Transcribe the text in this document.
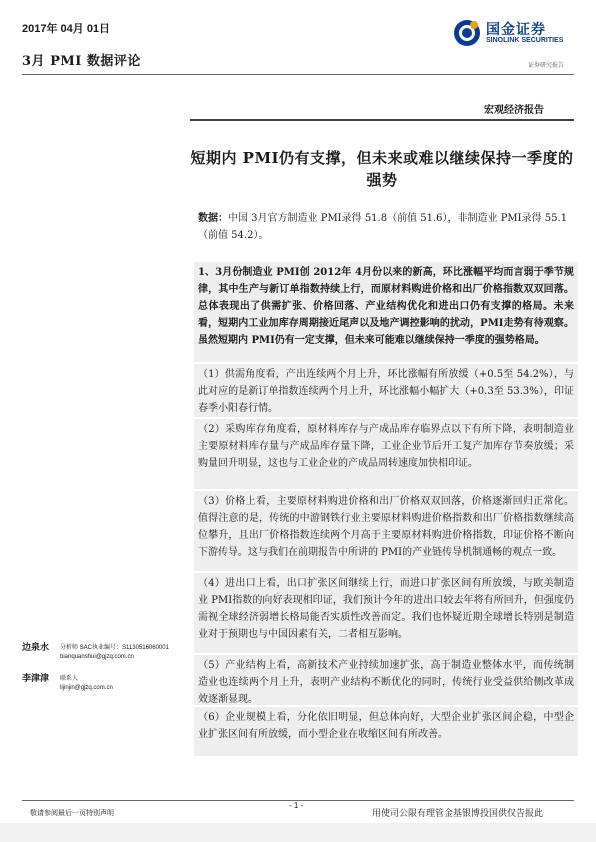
2017年 04月 01日
3月 PMI 数据评论
国金证券
SINOLINK SECURITIES
证券研究报告
宏观经济报告
短期内 PMI仍有支撑，但未来或难以继续保持一季度的强势
数据：中国 3月官方制造业 PMI录得 51.8（前值 51.6），非制造业 PMI录得 55.1（前值 54.2）。

1、3月份制造业 PMI创 2012年 4月份以来的新高，环比涨幅平均而言弱于季节规律，其中生产与新订单指数持续上行，而原材料购进价格和出厂价格指数双双回落。总体表现出了供需扩张、价格回落、产业结构优化和进出口仍有支撑的格局。未来看，短期内工业加库存周期接近尾声以及地产调控影响的扰动，PMI走势有待观察。虽然短期内 PMI仍有一定支撑，但未来可能难以继续保持一季度的强势格局。

（1）供需角度看，产出连续两个月上升，环比涨幅有所放缓（+0.5至 54.2%），与此对应的是新订单指数连续两个月上升，环比涨幅小幅扩大（+0.3至 53.3%），印证春季小阳春行情。

（2）采购库存角度看，原材料库存与产成品库存临界点以下有所下降，表明制造业主要原材料库存量与产成品库存量下降，工业企业节后开工复产加库存节奏放缓；采购量回升明显，这也与工业企业的产成品周转速度加快相印证。

（3）价格上看，主要原材料购进价格和出厂价格双双回落，价格逐渐回归正常化。值得注意的是，传统的中游钢铁行业主要原材料购进价格指数和出厂价格指数继续高位攀升，且出厂价格指数连续两个月高于主要原材料购进价格指数，印证价格不断向下游传导。这与我们在前期报告中所讲的 PMI的产业链传导机制通畅的观点一致。

（4）进出口上看，出口扩张区间继续上行，而进口扩张区间有所放缓，与欧美制造业 PMI指数的向好表现相印证，我们预计今年的进出口较去年将有所回升，但强度仍需视全球经济弱增长格局能否实质性改善而定。我们也怀疑近期全球增长特别是制造业对于预期也与中国因素有关，二者相互影响。

（5）产业结构上看，高新技术产业持续加速扩张，高于制造业整体水平，而传统制造业也连续两个月上升，表明产业结构不断优化的同时，传统行业受益供给侧改革成效逐渐显现。

（6）企业规模上看，分化依旧明显，但总体向好，大型企业扩张区间企稳，中型企业扩张区间有所放缓，而小型企业在收缩区间有所改善。

边泉水 分析师 SAC执业编号：S1130516060001
bianquanshui@gjzq.com.cn
李津津 联系人
lijinjin@gjzq.com.cn
- 1 -
敬请参阅最后一页特别声明	用使司公限有理管金基银博投国供仅告报此
